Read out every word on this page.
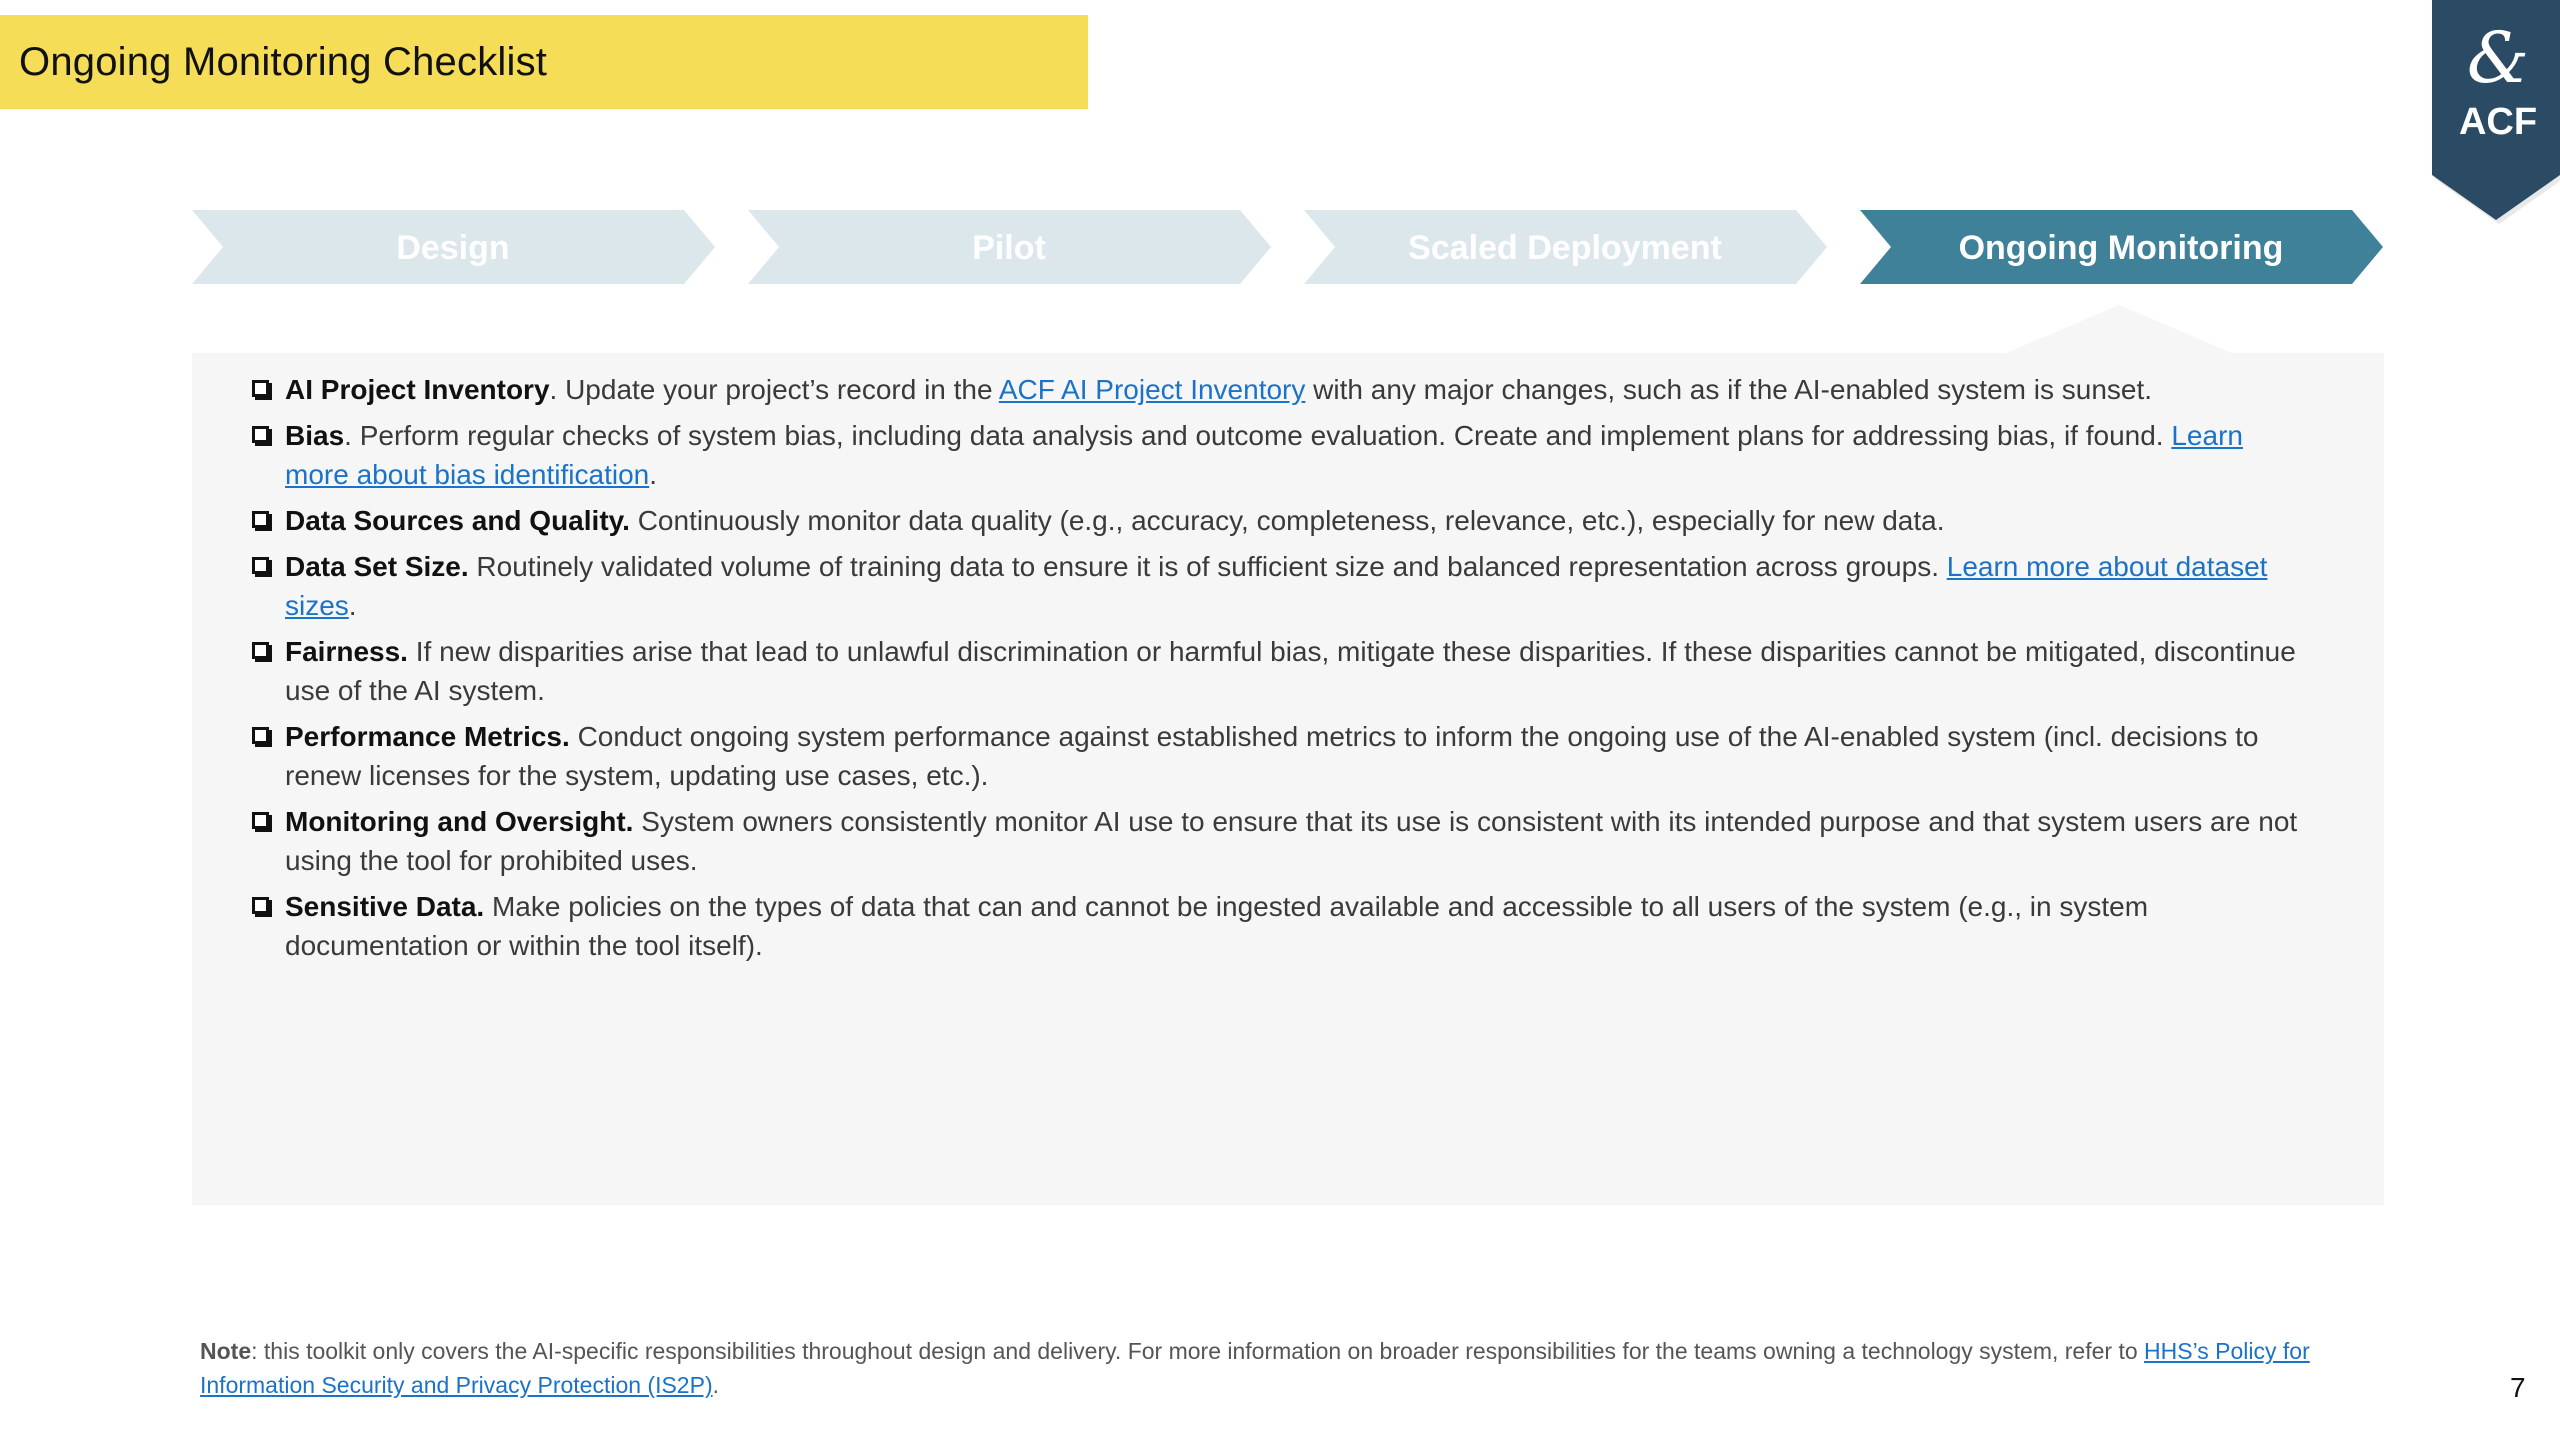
Ongoing Monitoring Checklist	&
ACF
Design	Pilot	Scaled Deployment	Ongoing Monitoring
AI Project Inventory. Update your project’s record in the ACF AI Project Inventory with any major changes, such as if the AI-enabled system is sunset.
Bias. Perform regular checks of system bias, including data analysis and outcome evaluation. Create and implement plans for addressing bias, if found. Learn more about bias identification.
Data Sources and Quality. Continuously monitor data quality (e.g., accuracy, completeness, relevance, etc.), especially for new data.
Data Set Size. Routinely validated volume of training data to ensure it is of sufficient size and balanced representation across groups. Learn more about dataset sizes.
Fairness. If new disparities arise that lead to unlawful discrimination or harmful bias, mitigate these disparities. If these disparities cannot be mitigated, discontinue use of the AI system.
Performance Metrics. Conduct ongoing system performance against established metrics to inform the ongoing use of the AI-enabled system (incl. decisions to renew licenses for the system, updating use cases, etc.).
Monitoring and Oversight. System owners consistently monitor AI use to ensure that its use is consistent with its intended purpose and that system users are not using the tool for prohibited uses.
Sensitive Data. Make policies on the types of data that can and cannot be ingested available and accessible to all users of the system (e.g., in system documentation or within the tool itself).
Note: this toolkit only covers the AI-specific responsibilities throughout design and delivery. For more information on broader responsibilities for the teams owning a technology system, refer to HHS’s Policy for Information Security and Privacy Protection (IS2P).	7
